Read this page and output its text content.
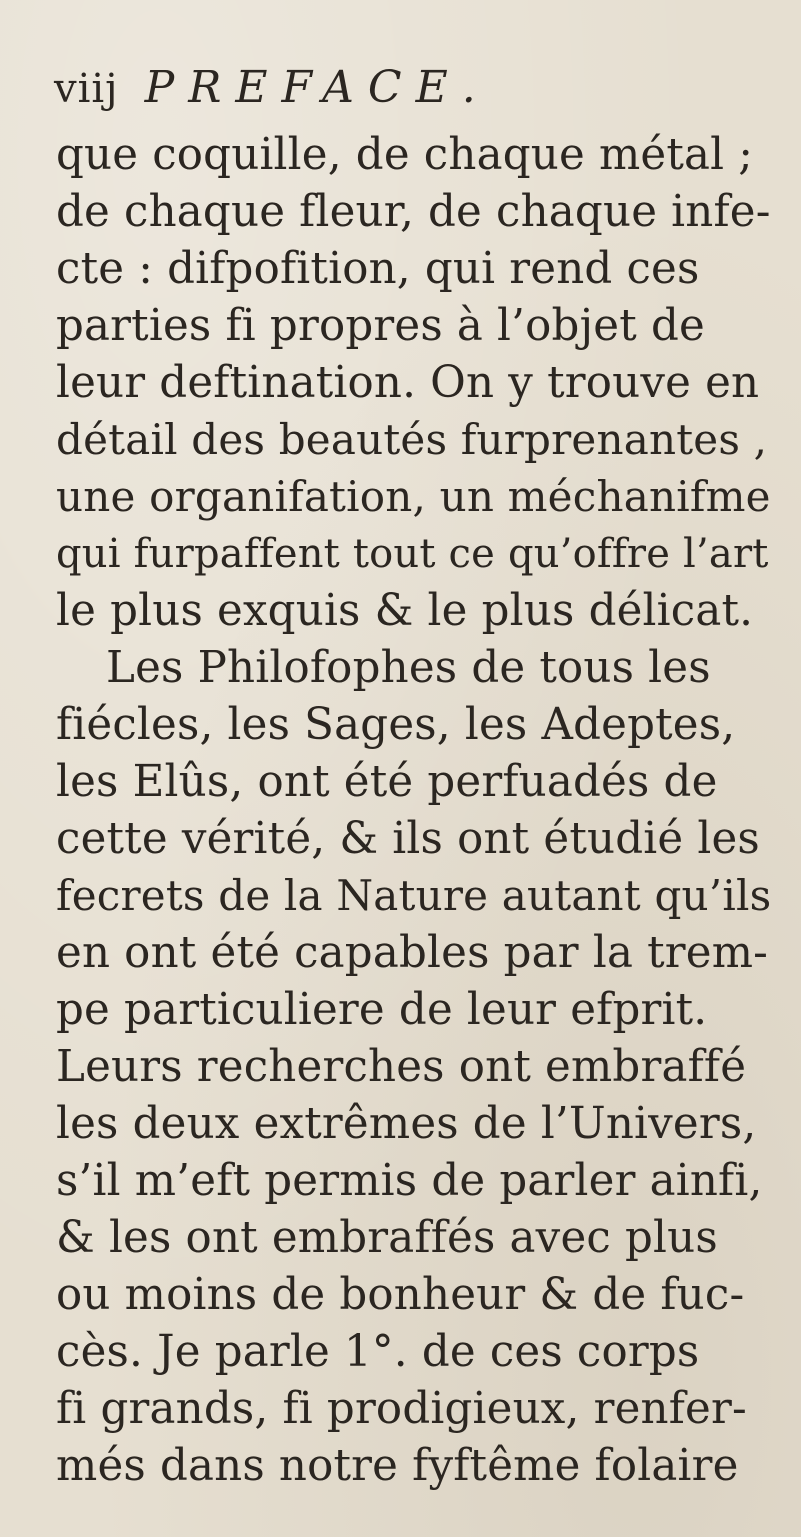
viij PREFACE.
que coquille, de chaque métal ;
de chaque fleur, de chaque infe-
cte : difpofition, qui rend ces
parties fi propres à l’objet de
leur deftination. On y trouve en
détail des beautés furprenantes ,
une organifation, un méchanifme
qui furpaffent tout ce qu’offre l’art
le plus exquis & le plus délicat.
Les Philofophes de tous les
fiécles, les Sages, les Adeptes,
les Elûs, ont été perfuadés de
cette vérité, & ils ont étudié les
fecrets de la Nature autant qu’ils
en ont été capables par la trem-
pe particuliere de leur efprit.
Leurs recherches ont embraffé
les deux extrêmes de l’Univers,
s’il m’eft permis de parler ainfi,
& les ont embraffés avec plus
ou moins de bonheur & de fuc-
cès. Je parle 1°. de ces corps
fi grands, fi prodigieux, renfer-
més dans notre fyftême folaire
